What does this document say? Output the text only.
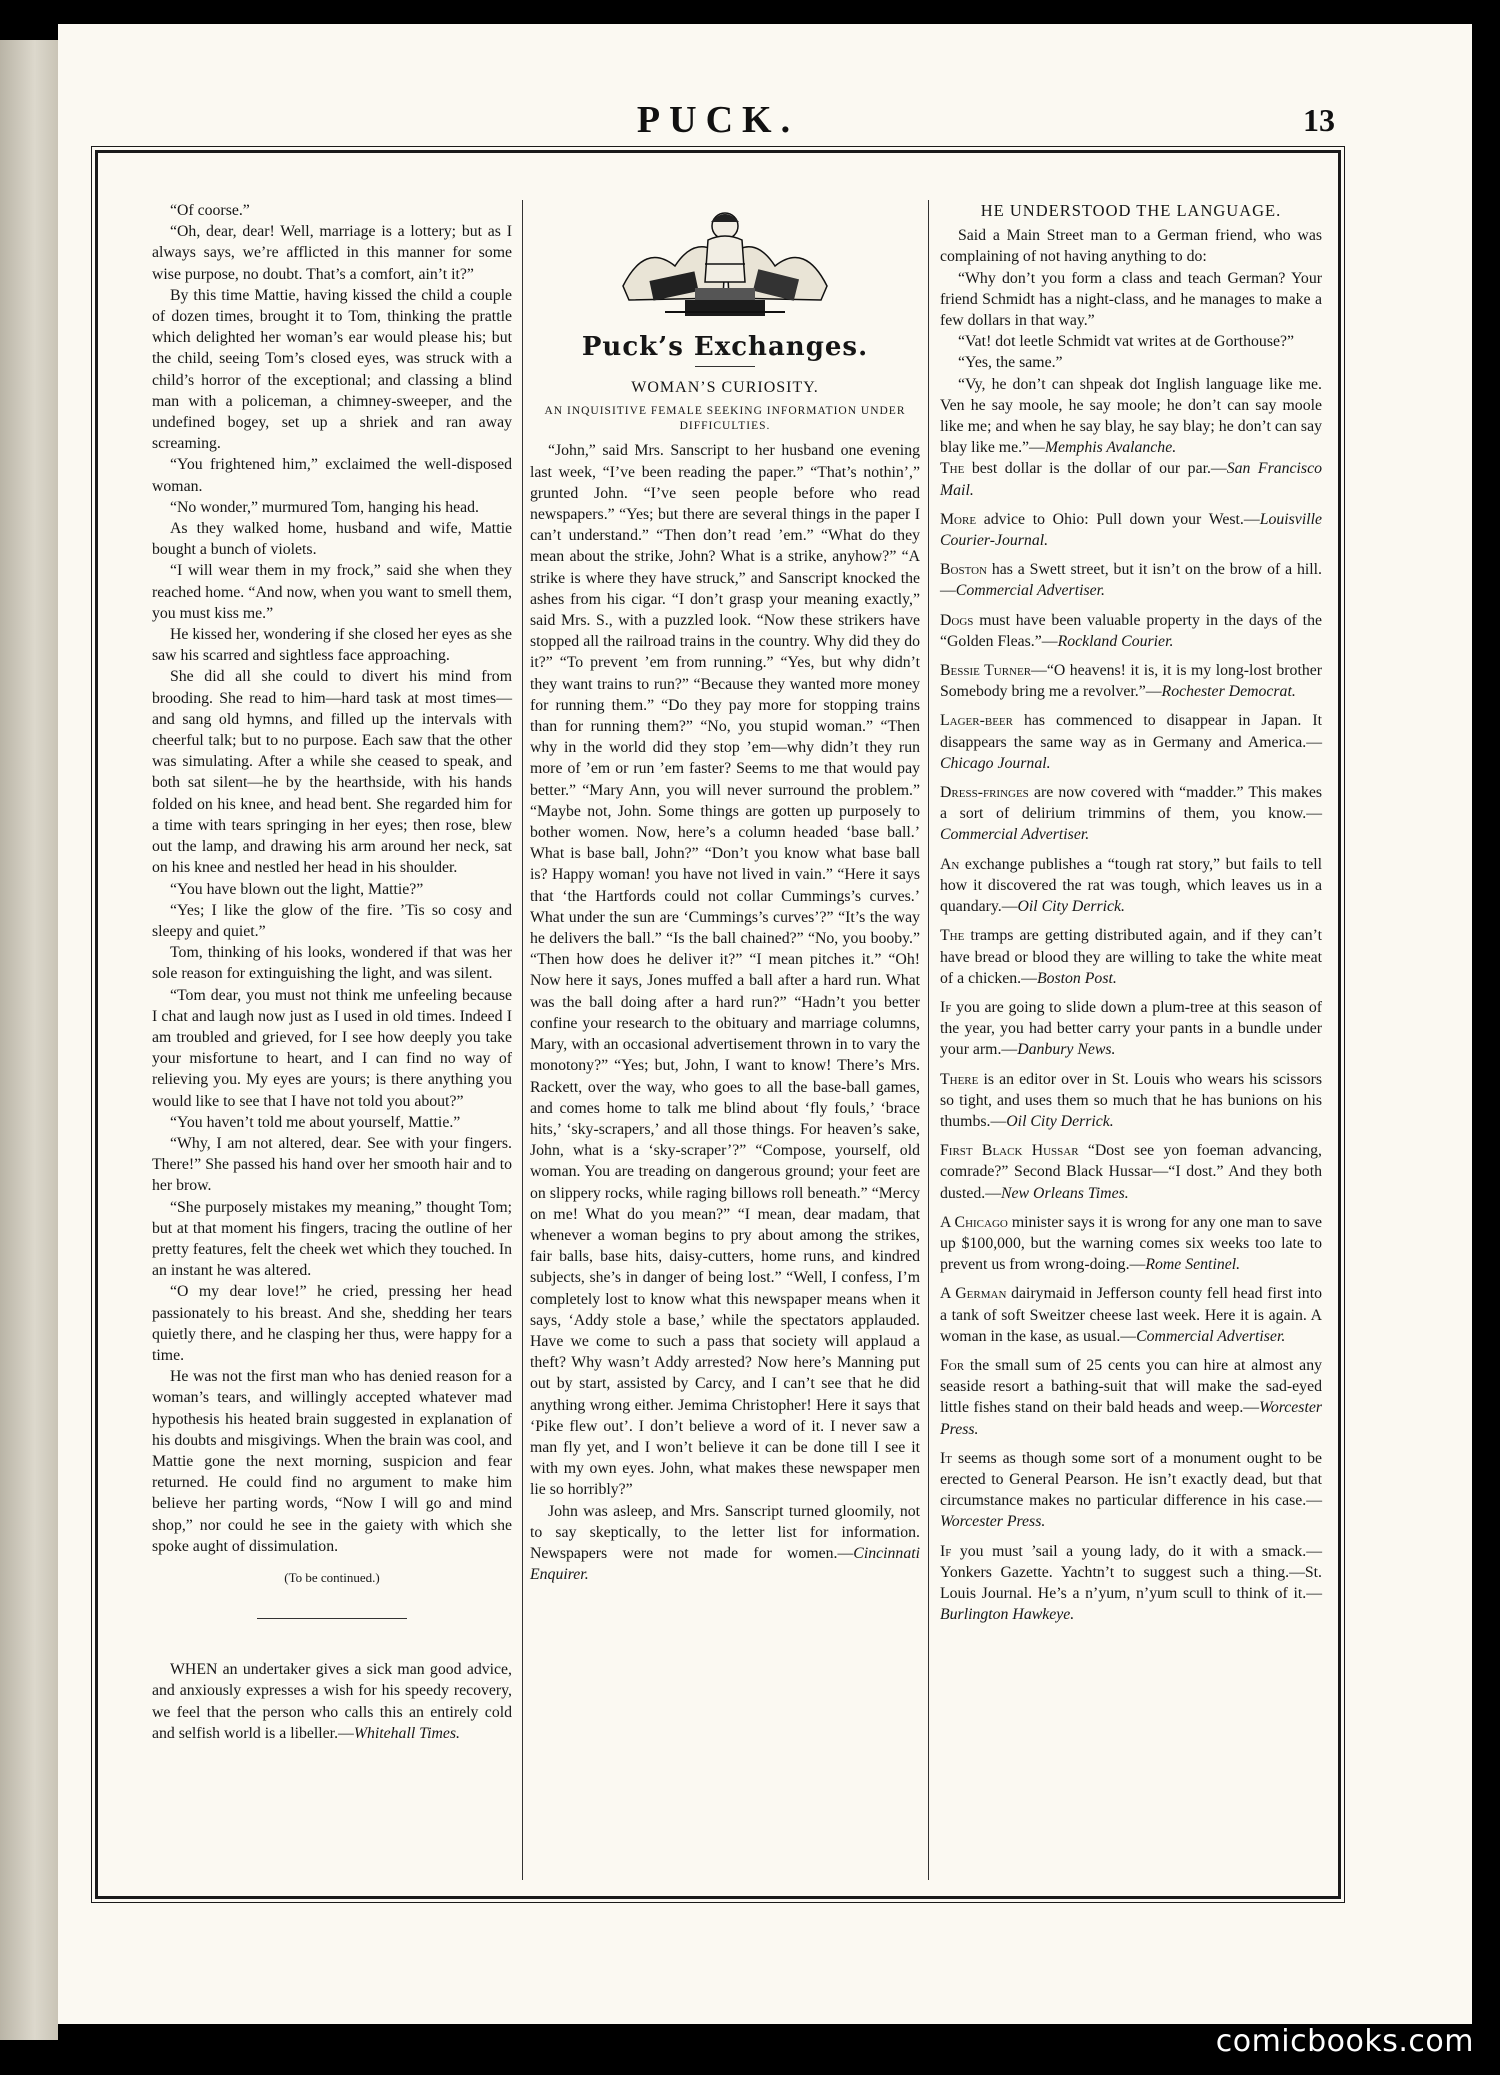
PUCK.	13

“Of coorse.”

“Oh, dear, dear! Well, marriage is a lottery; but as I always says, we’re afflicted in this manner for some wise purpose, no doubt. That’s a comfort, ain’t it?”

By this time Mattie, having kissed the child a couple of dozen times, brought it to Tom, thinking the prattle which delighted her woman’s ear would please his; but the child, seeing Tom’s closed eyes, was struck with a child’s horror of the exceptional; and classing a blind man with a policeman, a chimney-sweeper, and the undefined bogey, set up a shriek and ran away screaming.

“You frightened him,” exclaimed the well-disposed woman.

“No wonder,” murmured Tom, hanging his head.

As they walked home, husband and wife, Mattie bought a bunch of violets.

“I will wear them in my frock,” said she when they reached home. “And now, when you want to smell them, you must kiss me.”

He kissed her, wondering if she closed her eyes as she saw his scarred and sightless face approaching.

She did all she could to divert his mind from brooding. She read to him—hard task at most times—and sang old hymns, and filled up the intervals with cheerful talk; but to no purpose. Each saw that the other was simulating. After a while she ceased to speak, and both sat silent—he by the hearthside, with his hands folded on his knee, and head bent. She regarded him for a time with tears springing in her eyes; then rose, blew out the lamp, and drawing his arm around her neck, sat on his knee and nestled her head in his shoulder.

“You have blown out the light, Mattie?”

“Yes; I like the glow of the fire. ’Tis so cosy and sleepy and quiet.”

Tom, thinking of his looks, wondered if that was her sole reason for extinguishing the light, and was silent.

“Tom dear, you must not think me unfeeling because I chat and laugh now just as I used in old times. Indeed I am troubled and grieved, for I see how deeply you take your misfortune to heart, and I can find no way of relieving you. My eyes are yours; is there anything you would like to see that I have not told you about?”

“You haven’t told me about yourself, Mattie.”

“Why, I am not altered, dear. See with your fingers. There!” She passed his hand over her smooth hair and to her brow.

“She purposely mistakes my meaning,” thought Tom; but at that moment his fingers, tracing the outline of her pretty features, felt the cheek wet which they touched. In an instant he was altered.

“O my dear love!” he cried, pressing her head passionately to his breast. And she, shedding her tears quietly there, and he clasping her thus, were happy for a time.

He was not the first man who has denied reason for a woman’s tears, and willingly accepted whatever mad hypothesis his heated brain suggested in explanation of his doubts and misgivings. When the brain was cool, and Mattie gone the next morning, suspicion and fear returned. He could find no argument to make him believe her parting words, “Now I will go and mind shop,” nor could he see in the gaiety with which she spoke aught of dissimulation.

(To be continued.)

WHEN an undertaker gives a sick man good advice, and anxiously expresses a wish for his speedy recovery, we feel that the person who calls this an entirely cold and selfish world is a libeller.—Whitehall Times.

Puck’s Exchanges.
WOMAN’S CURIOSITY.
AN INQUISITIVE FEMALE SEEKING INFORMATION UNDER DIFFICULTIES.

“John,” said Mrs. Sanscript to her husband one evening last week, “I’ve been reading the paper.” “That’s nothin’,” grunted John. “I’ve seen people before who read newspapers.” “Yes; but there are several things in the paper I can’t understand.” “Then don’t read ’em.” “What do they mean about the strike, John? What is a strike, anyhow?” “A strike is where they have struck,” and Sanscript knocked the ashes from his cigar. “I don’t grasp your meaning exactly,” said Mrs. S., with a puzzled look. “Now these strikers have stopped all the railroad trains in the country. Why did they do it?” “To prevent ’em from running.” “Yes, but why didn’t they want trains to run?” “Because they wanted more money for running them.” “Do they pay more for stopping trains than for running them?” “No, you stupid woman.” “Then why in the world did they stop ’em—why didn’t they run more of ’em or run ’em faster? Seems to me that would pay better.” “Mary Ann, you will never surround the problem.” “Maybe not, John. Some things are gotten up purposely to bother women. Now, here’s a column headed ‘base ball.’ What is base ball, John?” “Don’t you know what base ball is? Happy woman! you have not lived in vain.” “Here it says that ‘the Hartfords could not collar Cummings’s curves.’ What under the sun are ‘Cummings’s curves’?” “It’s the way he delivers the ball.” “Is the ball chained?” “No, you booby.” “Then how does he deliver it?” “I mean pitches it.” “Oh! Now here it says, Jones muffed a ball after a hard run. What was the ball doing after a hard run?” “Hadn’t you better confine your research to the obituary and marriage columns, Mary, with an occasional advertisement thrown in to vary the monotony?” “Yes; but, John, I want to know! There’s Mrs. Rackett, over the way, who goes to all the base-ball games, and comes home to talk me blind about ‘fly fouls,’ ‘brace hits,’ ‘sky-scrapers,’ and all those things. For heaven’s sake, John, what is a ‘sky-scraper’?” “Compose, yourself, old woman. You are treading on dangerous ground; your feet are on slippery rocks, while raging billows roll beneath.” “Mercy on me! What do you mean?” “I mean, dear madam, that whenever a woman begins to pry about among the strikes, fair balls, base hits, daisy-cutters, home runs, and kindred subjects, she’s in danger of being lost.” “Well, I confess, I’m completely lost to know what this newspaper means when it says, ‘Addy stole a base,’ while the spectators applauded. Have we come to such a pass that society will applaud a theft? Why wasn’t Addy arrested? Now here’s Manning put out by start, assisted by Carcy, and I can’t see that he did anything wrong either. Jemima Christopher! Here it says that ‘Pike flew out’. I don’t believe a word of it. I never saw a man fly yet, and I won’t believe it can be done till I see it with my own eyes. John, what makes these newspaper men lie so horribly?”

John was asleep, and Mrs. Sanscript turned gloomily, not to say skeptically, to the letter list for information. Newspapers were not made for women.—Cincinnati Enquirer.

HE UNDERSTOOD THE LANGUAGE.

Said a Main Street man to a German friend, who was complaining of not having anything to do:

“Why don’t you form a class and teach German? Your friend Schmidt has a night-class, and he manages to make a few dollars in that way.”

“Vat! dot leetle Schmidt vat writes at de Gorthouse?”

“Yes, the same.”

“Vy, he don’t can shpeak dot Inglish language like me. Ven he say moole, he say moole; he don’t can say moole like me; and when he say blay, he say blay; he don’t can say blay like me.”—Memphis Avalanche.

The best dollar is the dollar of our par.—San Francisco Mail.

More advice to Ohio: Pull down your West.—Louisville Courier-Journal.

Boston has a Swett street, but it isn’t on the brow of a hill.—Commercial Advertiser.

Dogs must have been valuable property in the days of the “Golden Fleas.”—Rockland Courier.

Bessie Turner—“O heavens! it is, it is my long-lost brother Somebody bring me a revolver.”—Rochester Democrat.

Lager-beer has commenced to disappear in Japan. It disappears the same way as in Germany and America.—Chicago Journal.

Dress-fringes are now covered with “madder.” This makes a sort of delirium trimmins of them, you know.—Commercial Advertiser.

An exchange publishes a “tough rat story,” but fails to tell how it discovered the rat was tough, which leaves us in a quandary.—Oil City Derrick.

The tramps are getting distributed again, and if they can’t have bread or blood they are willing to take the white meat of a chicken.—Boston Post.

If you are going to slide down a plum-tree at this season of the year, you had better carry your pants in a bundle under your arm.—Danbury News.

There is an editor over in St. Louis who wears his scissors so tight, and uses them so much that he has bunions on his thumbs.—Oil City Derrick.

First Black Hussar “Dost see yon foeman advancing, comrade?” Second Black Hussar—“I dost.” And they both dusted.—New Orleans Times.

A Chicago minister says it is wrong for any one man to save up $100,000, but the warning comes six weeks too late to prevent us from wrong-doing.—Rome Sentinel.

A German dairymaid in Jefferson county fell head first into a tank of soft Sweitzer cheese last week. Here it is again. A woman in the kase, as usual.—Commercial Advertiser.

For the small sum of 25 cents you can hire at almost any seaside resort a bathing-suit that will make the sad-eyed little fishes stand on their bald heads and weep.—Worcester Press.

It seems as though some sort of a monument ought to be erected to General Pearson. He isn’t exactly dead, but that circumstance makes no particular difference in his case.—Worcester Press.

If you must ’sail a young lady, do it with a smack.—Yonkers Gazette. Yachtn’t to suggest such a thing.—St. Louis Journal. He’s a n’yum, n’yum scull to think of it.—Burlington Hawkeye.

comicbooks.com
